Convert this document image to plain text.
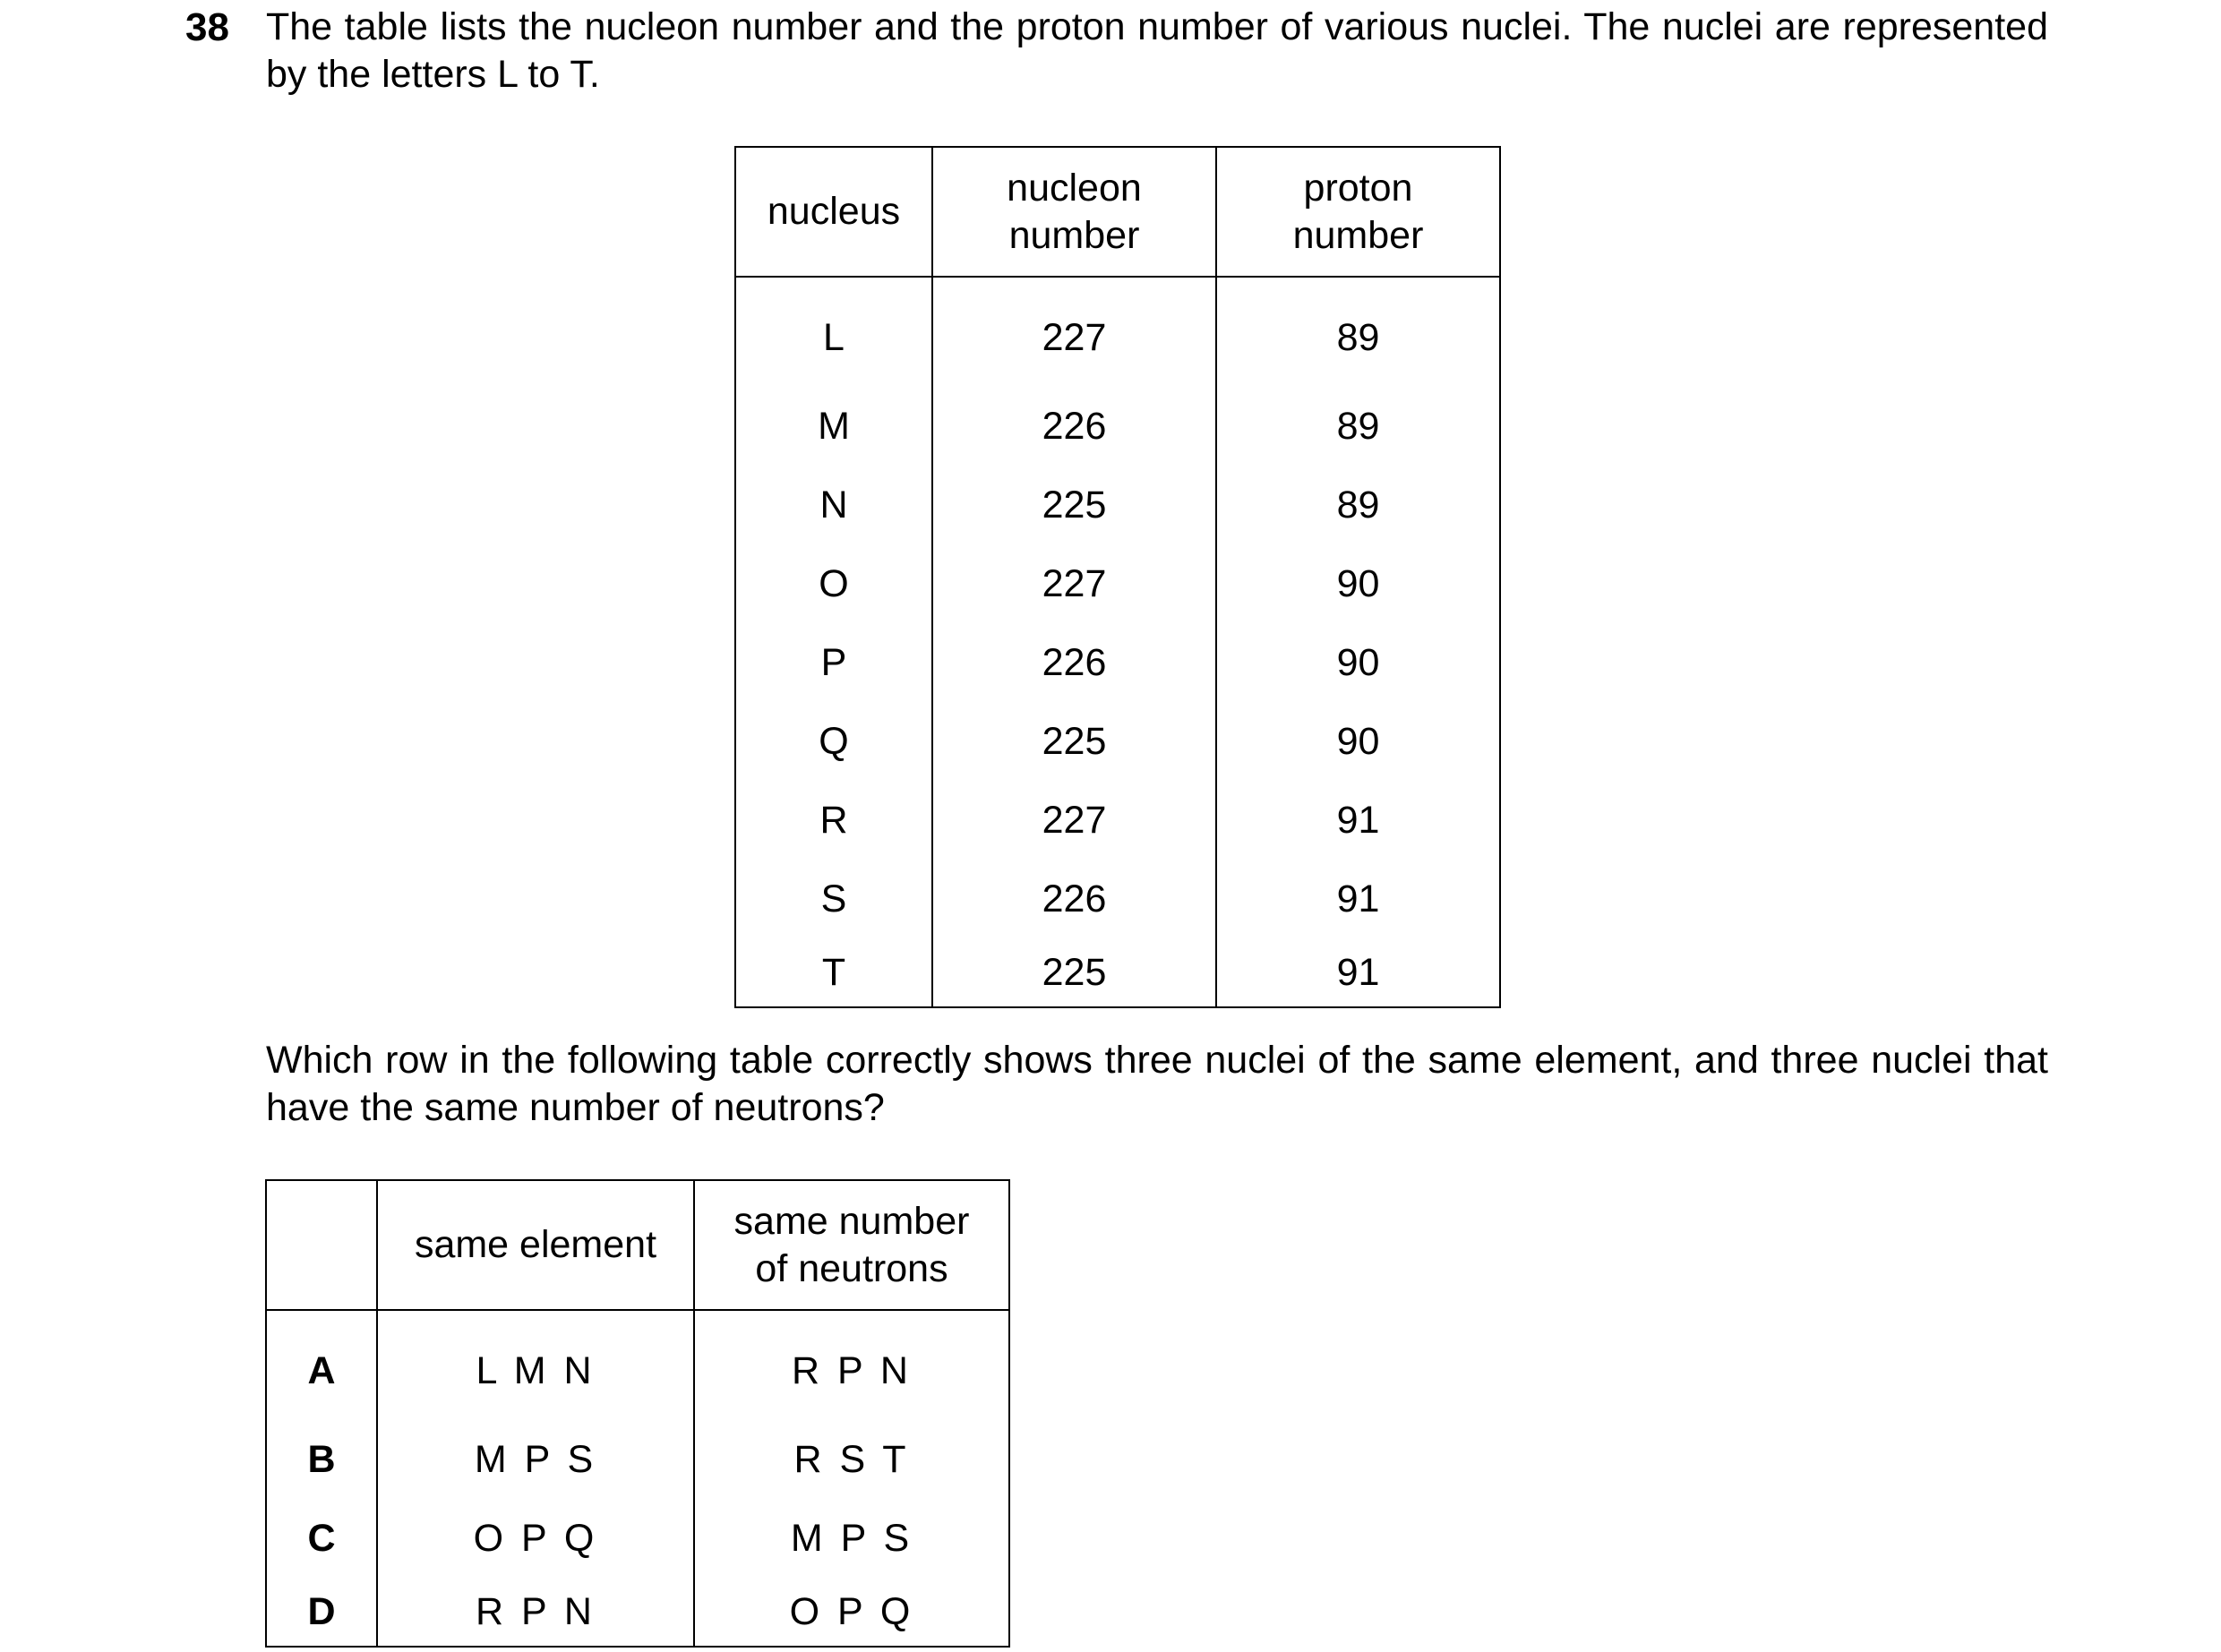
38 The table lists the nucleon number and the proton number of various nuclei. The nuclei are represented by the letters L to T.
nucleus	nucleon number	proton number
L	227	89
M	226	89
N	225	89
O	227	90
P	226	90
Q	225	90
R	227	91
S	226	91
T	225	91
Which row in the following table correctly shows three nuclei of the same element, and three nuclei that have the same number of neutrons?
	same element	same number of neutrons
A	L M N	R P N
B	M P S	R S T
C	O P Q	M P S
D	R P N	O P Q
